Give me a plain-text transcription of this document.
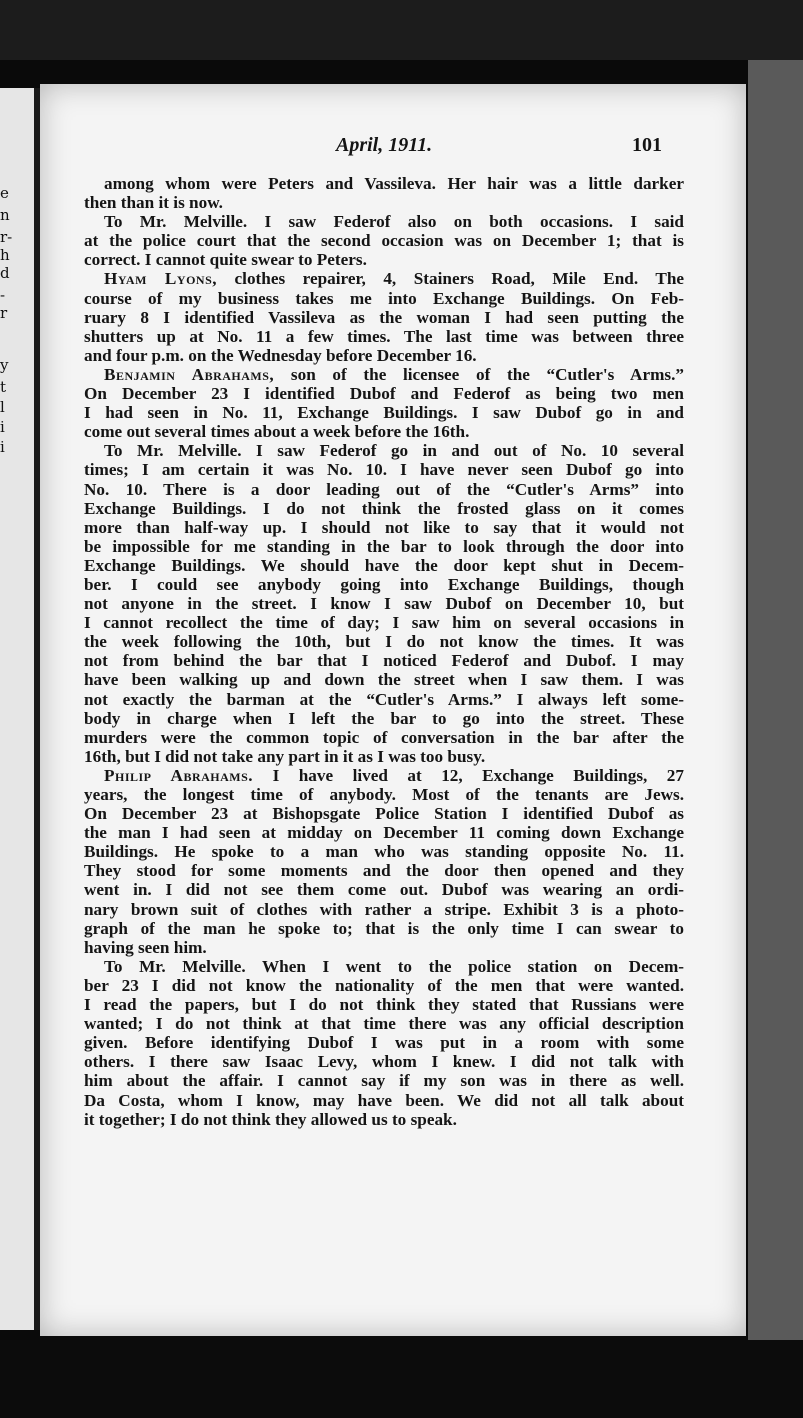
e
n
r-
h
d
-
r
y
t
l
i
i
April, 1911.	101
among whom were Peters and Vassileva. Her hair was a little darker
then than it is now.
To Mr. Melville. I saw Federof also on both occasions. I said
at the police court that the second occasion was on December 1; that is
correct. I cannot quite swear to Peters.
Hyam Lyons, clothes repairer, 4, Stainers Road, Mile End. The
course of my business takes me into Exchange Buildings. On Feb-
ruary 8 I identified Vassileva as the woman I had seen putting the
shutters up at No. 11 a few times. The last time was between three
and four p.m. on the Wednesday before December 16.
Benjamin Abrahams, son of the licensee of the “Cutler's Arms.”
On December 23 I identified Dubof and Federof as being two men
I had seen in No. 11, Exchange Buildings. I saw Dubof go in and
come out several times about a week before the 16th.
To Mr. Melville. I saw Federof go in and out of No. 10 several
times; I am certain it was No. 10. I have never seen Dubof go into
No. 10. There is a door leading out of the “Cutler's Arms” into
Exchange Buildings. I do not think the frosted glass on it comes
more than half-way up. I should not like to say that it would not
be impossible for me standing in the bar to look through the door into
Exchange Buildings. We should have the door kept shut in Decem-
ber. I could see anybody going into Exchange Buildings, though
not anyone in the street. I know I saw Dubof on December 10, but
I cannot recollect the time of day; I saw him on several occasions in
the week following the 10th, but I do not know the times. It was
not from behind the bar that I noticed Federof and Dubof. I may
have been walking up and down the street when I saw them. I was
not exactly the barman at the “Cutler's Arms.” I always left some-
body in charge when I left the bar to go into the street. These
murders were the common topic of conversation in the bar after the
16th, but I did not take any part in it as I was too busy.
Philip Abrahams. I have lived at 12, Exchange Buildings, 27
years, the longest time of anybody. Most of the tenants are Jews.
On December 23 at Bishopsgate Police Station I identified Dubof as
the man I had seen at midday on December 11 coming down Exchange
Buildings. He spoke to a man who was standing opposite No. 11.
They stood for some moments and the door then opened and they
went in. I did not see them come out. Dubof was wearing an ordi-
nary brown suit of clothes with rather a stripe. Exhibit 3 is a photo-
graph of the man he spoke to; that is the only time I can swear to
having seen him.
To Mr. Melville. When I went to the police station on Decem-
ber 23 I did not know the nationality of the men that were wanted.
I read the papers, but I do not think they stated that Russians were
wanted; I do not think at that time there was any official description
given. Before identifying Dubof I was put in a room with some
others. I there saw Isaac Levy, whom I knew. I did not talk with
him about the affair. I cannot say if my son was in there as well.
Da Costa, whom I know, may have been. We did not all talk about
it together; I do not think they allowed us to speak.
